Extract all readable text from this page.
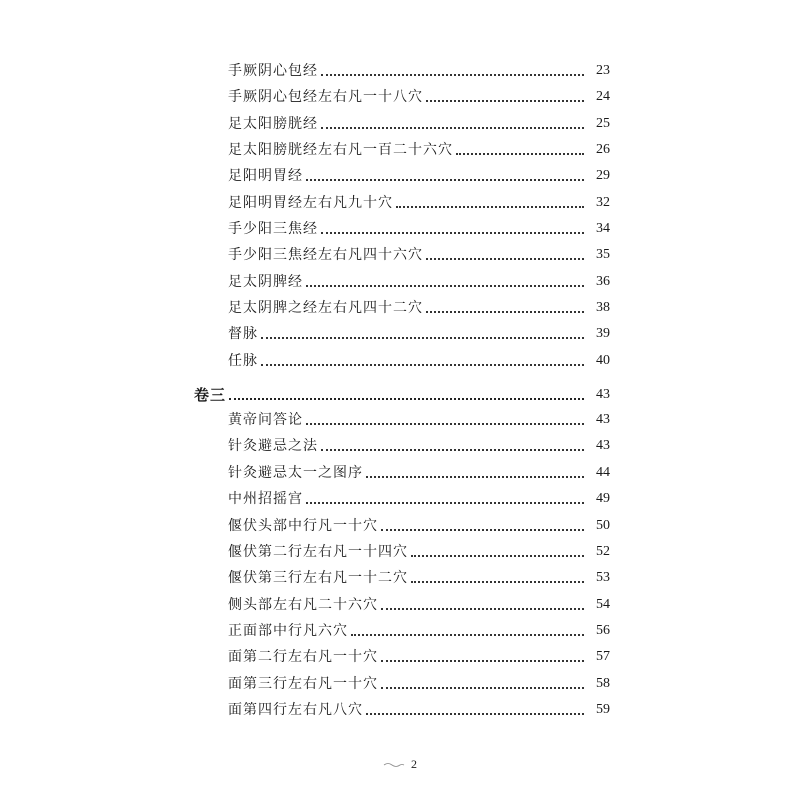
手厥阴心包经	23
手厥阴心包经左右凡一十八穴	24
足太阳膀胱经	25
足太阳膀胱经左右凡一百二十六穴	26
足阳明胃经	29
足阳明胃经左右凡九十穴	32
手少阳三焦经	34
手少阳三焦经左右凡四十六穴	35
足太阴脾经	36
足太阴脾之经左右凡四十二穴	38
督脉	39
任脉	40
卷三	43
黄帝问答论	43
针灸避忌之法	43
针灸避忌太一之图序	44
中州招摇宫	49
偃伏头部中行凡一十穴	50
偃伏第二行左右凡一十四穴	52
偃伏第三行左右凡一十二穴	53
侧头部左右凡二十六穴	54
正面部中行凡六穴	56
面第二行左右凡一十穴	57
面第三行左右凡一十穴	58
面第四行左右凡八穴	59
2
